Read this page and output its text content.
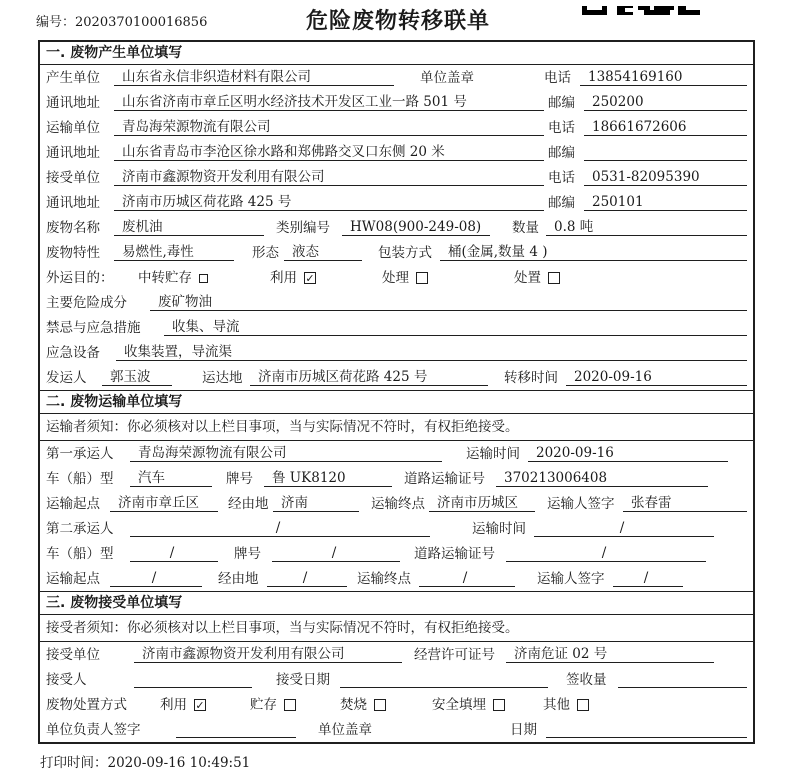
编号：2020370100016856	危险废物转移联单
一. 废物产生单位填写
产生单位	山东省永信非织造材料有限公司	单位盖章	电话	13854169160
通讯地址	山东省济南市章丘区明水经济技术开发区工业一路 501 号	邮编	250200
运输单位	青岛海荣源物流有限公司	电话	18661672606
通讯地址	山东省青岛市李沧区徐水路和郑佛路交叉口东侧 20 米	邮编
接受单位	济南市鑫源物资开发利用有限公司	电话	0531-82095390
通讯地址	济南市历城区荷花路 425 号	邮编	250101
废物名称	废机油	类别编号	HW08(900-249-08)	数量	0.8 吨
废物特性	易燃性,毒性	形态 液态	包装方式	桶(金属,数量 4 )
外运目的：	中转贮存	利用 ✓	处理	处置
主要危险成分	废矿物油
禁忌与应急措施	收集、导流
应急设备	收集装置，导流渠
发运人	郭玉波	运达地	济南市历城区荷花路 425 号	转移时间	2020-09-16
二. 废物运输单位填写
运输者须知：你必须核对以上栏目事项，当与实际情况不符时，有权拒绝接受。
第一承运人	青岛海荣源物流有限公司	运输时间	2020-09-16
车（船）型	汽车	牌号	鲁 UK8120	道路运输证号	370213006408
运输起点	济南市章丘区	经由地 济南	运输终点 济南市历城区	运输人签字	张春雷
第二承运人	/	运输时间	/
车（船）型	/	牌号	/	道路运输证号	/
运输起点	/	经由地	/	运输终点	/	运输人签字	/
三. 废物接受单位填写
接受者须知：你必须核对以上栏目事项，当与实际情况不符时，有权拒绝接受。
接受单位	济南市鑫源物资开发利用有限公司	经营许可证号	济南危证 02 号
接受人	接受日期	签收量
废物处置方式	利用 ✓	贮存	焚烧	安全填埋	其他
单位负责人签字	单位盖章	日期
打印时间：2020-09-16 10:49:51
